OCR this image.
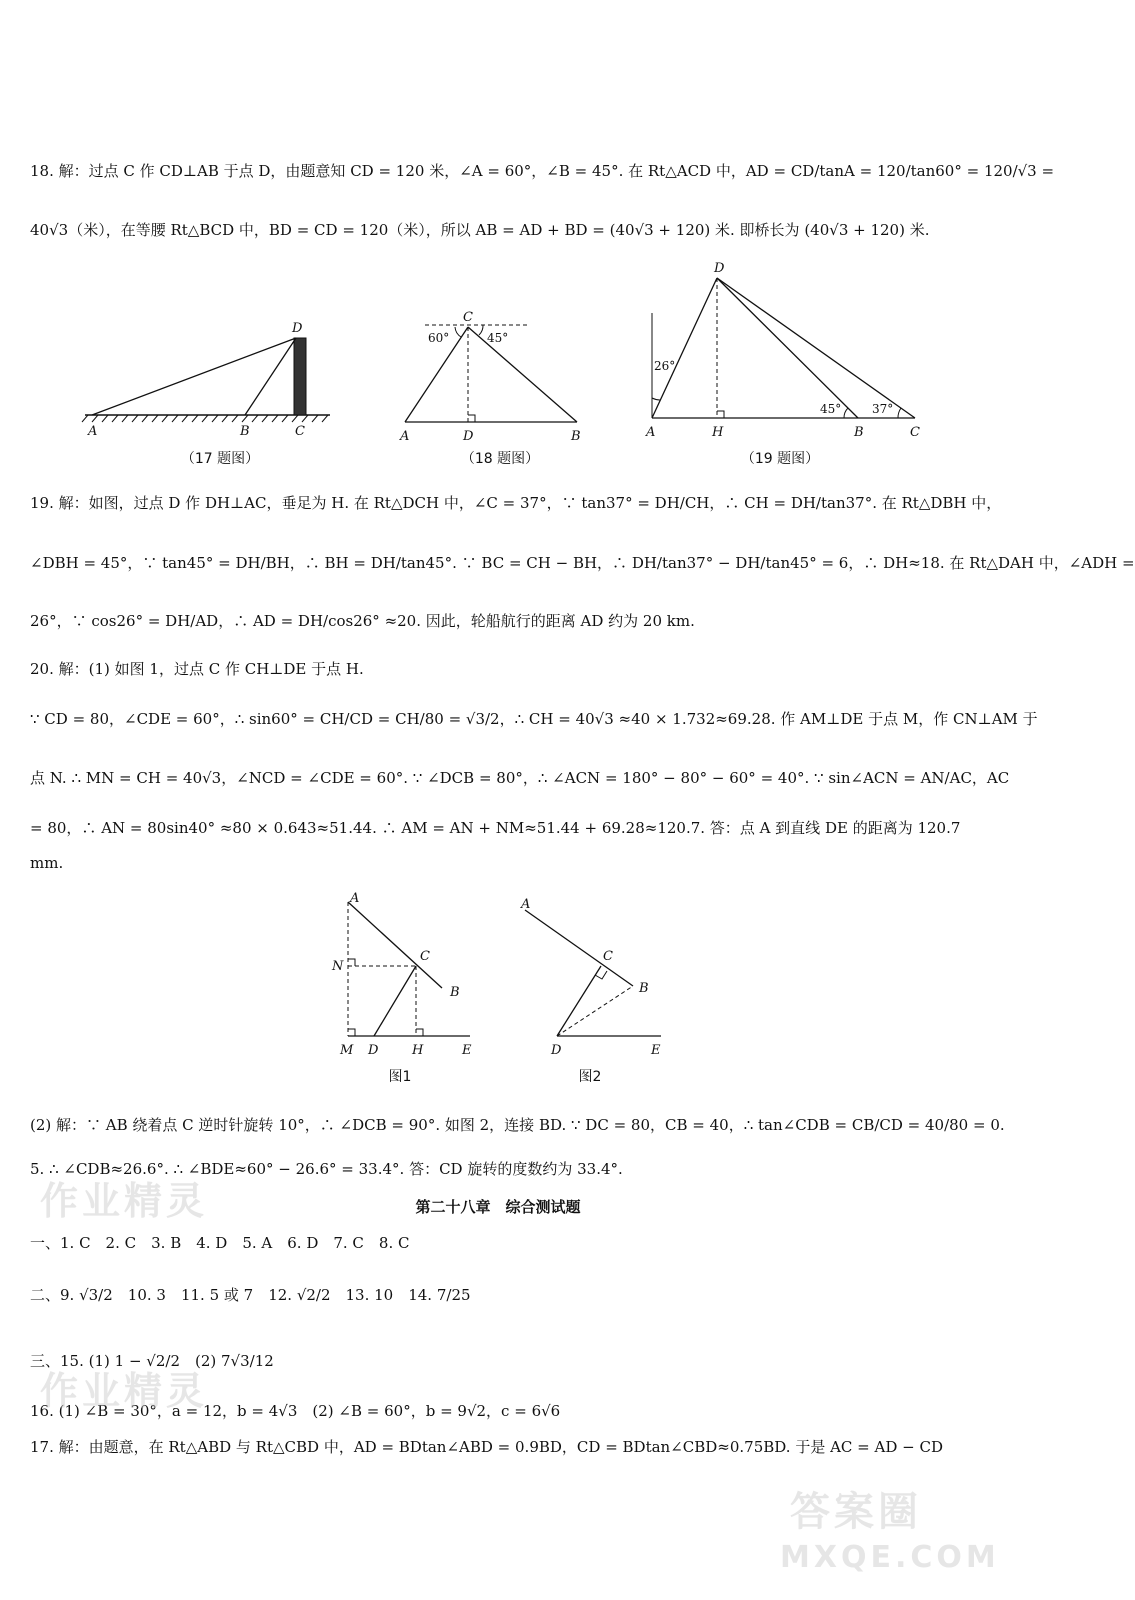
18. 解：过点 C 作 CD⊥AB 于点 D，由题意知 CD = 120 米，∠A = 60°，∠B = 45°. 在 Rt△ACD 中，AD = CD/tanA = 120/tan60° = 120/√3 =
40√3（米），在等腰 Rt△BCD 中，BD = CD = 120（米），所以 AB = AD + BD = (40√3 + 120) 米. 即桥长为 (40√3 + 120) 米.
A	B	C
D
（17 题图）
C
A	D	B
60°	45°
（18 题图）
D
A	H	B	C
26°
45°	37°
（19 题图）
19. 解：如图，过点 D 作 DH⊥AC，垂足为 H. 在 Rt△DCH 中，∠C = 37°，∵ tan37° = DH/CH，∴ CH = DH/tan37°. 在 Rt△DBH 中，
∠DBH = 45°，∵ tan45° = DH/BH，∴ BH = DH/tan45°. ∵ BC = CH − BH，∴ DH/tan37° − DH/tan45° = 6，∴ DH≈18. 在 Rt△DAH 中，∠ADH =
26°，∵ cos26° = DH/AD，∴ AD = DH/cos26° ≈20. 因此，轮船航行的距离 AD 约为 20 km.
20. 解：(1) 如图 1，过点 C 作 CH⊥DE 于点 H.
∵ CD = 80，∠CDE = 60°，∴ sin60° = CH/CD = CH/80 = √3/2，∴ CH = 40√3 ≈40 × 1.732≈69.28. 作 AM⊥DE 于点 M，作 CN⊥AM 于
点 N. ∴ MN = CH = 40√3，∠NCD = ∠CDE = 60°. ∵ ∠DCB = 80°，∴ ∠ACN = 180° − 80° − 60° = 40°. ∵ sin∠ACN = AN/AC，AC
= 80，∴ AN = 80sin40° ≈80 × 0.643≈51.44. ∴ AM = AN + NM≈51.44 + 69.28≈120.7. 答：点 A 到直线 DE 的距离为 120.7
mm.
A
N
C
B
M D	H	E
图1
A
C
B
D	E
图2
(2) 解：∵ AB 绕着点 C 逆时针旋转 10°，∴ ∠DCB = 90°. 如图 2，连接 BD. ∵ DC = 80，CB = 40，∴ tan∠CDB = CB/CD = 40/80 = 0.
5. ∴ ∠CDB≈26.6°. ∴ ∠BDE≈60° − 26.6° = 33.4°. 答：CD 旋转的度数约为 33.4°.
第二十八章　综合测试题
一、1. C　2. C　3. B　4. D　5. A　6. D　7. C　8. C
二、9. √3/2　10. 3　11. 5 或 7　12. √2/2　13. 10　14. 7/25
三、15. (1) 1 − √2/2　(2) 7√3/12
16. (1) ∠B = 30°，a = 12，b = 4√3　(2) ∠B = 60°，b = 9√2，c = 6√6
17. 解：由题意，在 Rt△ABD 与 Rt△CBD 中，AD = BDtan∠ABD = 0.9BD，CD = BDtan∠CBD≈0.75BD. 于是 AC = AD − CD
作业精灵
作业精灵
答案圈
MXQE.COM
